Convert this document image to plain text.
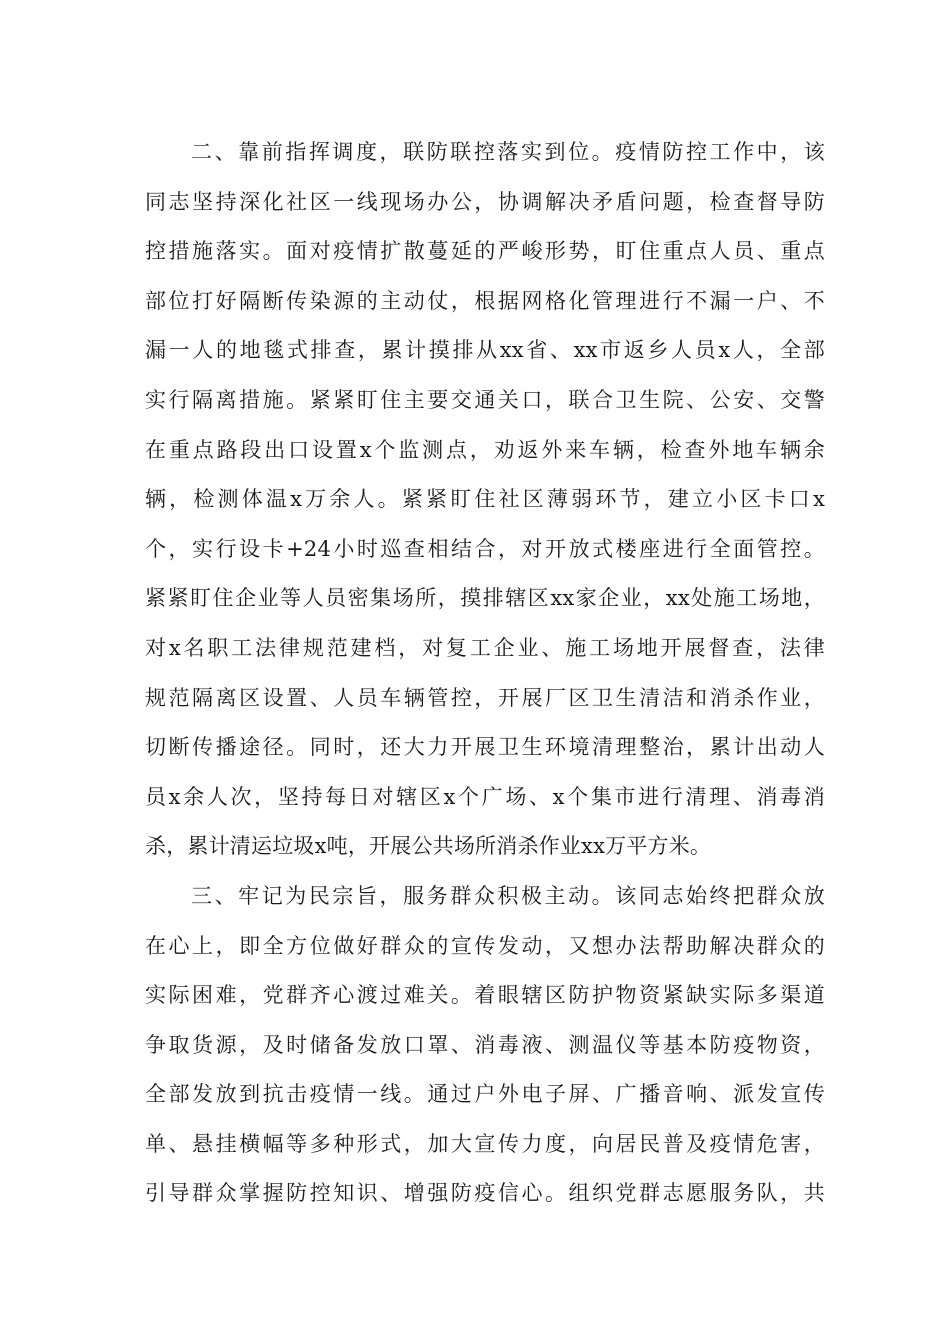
二、靠前指挥调度，联防联控落实到位。疫情防控工作中，该
同志坚持深化社区一线现场办公，协调解决矛盾问题，检查督导防
控措施落实。面对疫情扩散蔓延的严峻形势，盯住重点人员、重点
部位打好隔断传染源的主动仗，根据网格化管理进行不漏一户、不
漏一人的地毯式排查，累计摸排从xx省、xx市返乡人员x人，全部
实行隔离措施。紧紧盯住主要交通关口，联合卫生院、公安、交警
在重点路段出口设置x个监测点，劝返外来车辆，检查外地车辆余
辆，检测体温x万余人。紧紧盯住社区薄弱环节，建立小区卡口x
个，实行设卡+24小时巡查相结合，对开放式楼座进行全面管控。
紧紧盯住企业等人员密集场所，摸排辖区xx家企业，xx处施工场地，
对x名职工法律规范建档，对复工企业、施工场地开展督查，法律
规范隔离区设置、人员车辆管控，开展厂区卫生清洁和消杀作业，
切断传播途径。同时，还大力开展卫生环境清理整治，累计出动人
员x余人次，坚持每日对辖区x个广场、x个集市进行清理、消毒消
杀，累计清运垃圾x吨，开展公共场所消杀作业xx万平方米。
三、牢记为民宗旨，服务群众积极主动。该同志始终把群众放
在心上，即全方位做好群众的宣传发动，又想办法帮助解决群众的
实际困难，党群齐心渡过难关。着眼辖区防护物资紧缺实际多渠道
争取货源，及时储备发放口罩、消毒液、测温仪等基本防疫物资，
全部发放到抗击疫情一线。通过户外电子屏、广播音响、派发宣传
单、悬挂横幅等多种形式，加大宣传力度，向居民普及疫情危害，
引导群众掌握防控知识、增强防疫信心。组织党群志愿服务队，共
